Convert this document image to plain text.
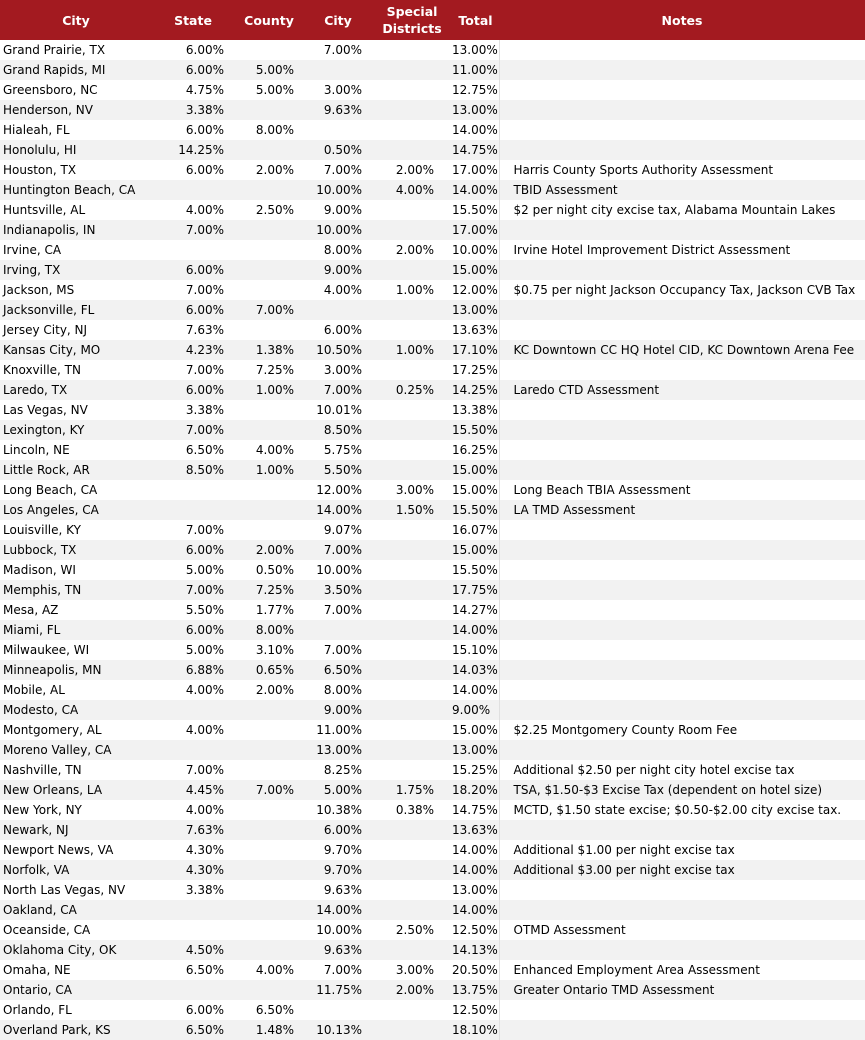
City	State	County	City	Special Districts	Total	Notes
Grand Prairie, TX	6.00%		7.00%		13.00%	
Grand Rapids, MI	6.00%	5.00%			11.00%	
Greensboro, NC	4.75%	5.00%	3.00%		12.75%	
Henderson, NV	3.38%		9.63%		13.00%	
Hialeah, FL	6.00%	8.00%			14.00%	
Honolulu, HI	14.25%		0.50%		14.75%	
Houston, TX	6.00%	2.00%	7.00%	2.00%	17.00%	Harris County Sports Authority Assessment
Huntington Beach, CA			10.00%	4.00%	14.00%	TBID Assessment
Huntsville, AL	4.00%	2.50%	9.00%		15.50%	$2 per night city excise tax, Alabama Mountain Lakes
Indianapolis, IN	7.00%		10.00%		17.00%	
Irvine, CA			8.00%	2.00%	10.00%	Irvine Hotel Improvement District Assessment
Irving, TX	6.00%		9.00%		15.00%	
Jackson, MS	7.00%		4.00%	1.00%	12.00%	$0.75 per night Jackson Occupancy Tax, Jackson CVB Tax
Jacksonville, FL	6.00%	7.00%			13.00%	
Jersey City, NJ	7.63%		6.00%		13.63%	
Kansas City, MO	4.23%	1.38%	10.50%	1.00%	17.10%	KC Downtown CC HQ Hotel CID, KC Downtown Arena Fee
Knoxville, TN	7.00%	7.25%	3.00%		17.25%	
Laredo, TX	6.00%	1.00%	7.00%	0.25%	14.25%	Laredo CTD Assessment
Las Vegas, NV	3.38%		10.01%		13.38%	
Lexington, KY	7.00%		8.50%		15.50%	
Lincoln, NE	6.50%	4.00%	5.75%		16.25%	
Little Rock, AR	8.50%	1.00%	5.50%		15.00%	
Long Beach, CA			12.00%	3.00%	15.00%	Long Beach TBIA Assessment
Los Angeles, CA			14.00%	1.50%	15.50%	LA TMD Assessment
Louisville, KY	7.00%		9.07%		16.07%	
Lubbock, TX	6.00%	2.00%	7.00%		15.00%	
Madison, WI	5.00%	0.50%	10.00%		15.50%	
Memphis, TN	7.00%	7.25%	3.50%		17.75%	
Mesa, AZ	5.50%	1.77%	7.00%		14.27%	
Miami, FL	6.00%	8.00%			14.00%	
Milwaukee, WI	5.00%	3.10%	7.00%		15.10%	
Minneapolis, MN	6.88%	0.65%	6.50%		14.03%	
Mobile, AL	4.00%	2.00%	8.00%		14.00%	
Modesto, CA			9.00%		9.00%	
Montgomery, AL	4.00%		11.00%		15.00%	$2.25 Montgomery County Room Fee
Moreno Valley, CA			13.00%		13.00%	
Nashville, TN	7.00%		8.25%		15.25%	Additional $2.50 per night city hotel excise tax
New Orleans, LA	4.45%	7.00%	5.00%	1.75%	18.20%	TSA, $1.50-$3 Excise Tax (dependent on hotel size)
New York, NY	4.00%		10.38%	0.38%	14.75%	MCTD, $1.50 state excise; $0.50-$2.00 city excise tax.
Newark, NJ	7.63%		6.00%		13.63%	
Newport News, VA	4.30%		9.70%		14.00%	Additional $1.00 per night excise tax
Norfolk, VA	4.30%		9.70%		14.00%	Additional $3.00 per night excise tax
North Las Vegas, NV	3.38%		9.63%		13.00%	
Oakland, CA			14.00%		14.00%	
Oceanside, CA			10.00%	2.50%	12.50%	OTMD Assessment
Oklahoma City, OK	4.50%		9.63%		14.13%	
Omaha, NE	6.50%	4.00%	7.00%	3.00%	20.50%	Enhanced Employment Area Assessment
Ontario, CA			11.75%	2.00%	13.75%	Greater Ontario TMD Assessment
Orlando, FL	6.00%	6.50%			12.50%	
Overland Park, KS	6.50%	1.48%	10.13%		18.10%	
